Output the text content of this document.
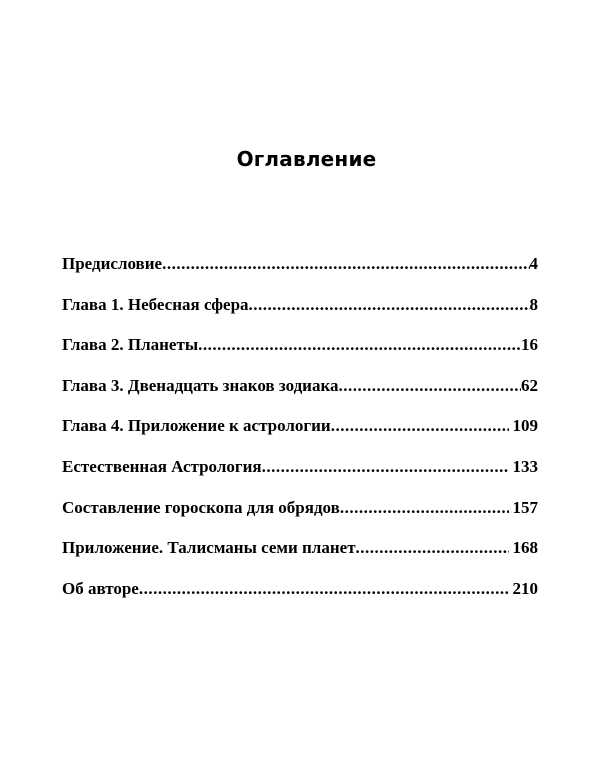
Оглавление
Предисловие .....	4
Глава 1. Небесная сфера .....	8
Глава 2. Планеты .....	16
Глава 3. Двенадцать знаков зодиака .....	62
Глава 4. Приложение к астрологии .....	109
Естественная Астрология .....	133
Составление гороскопа для обрядов .....	157
Приложение. Талисманы семи планет .....	168
Об авторе .....	210
